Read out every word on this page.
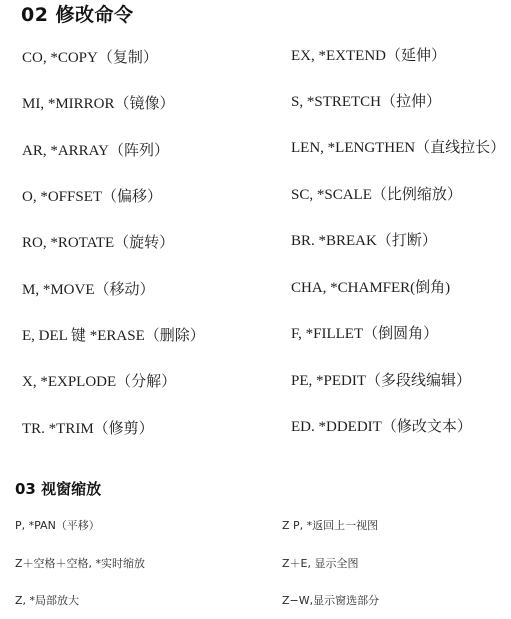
02 修改命令
CO, *COPY（复制）
MI, *MIRROR（镜像）
AR, *ARRAY（阵列）
O, *OFFSET（偏移）
RO, *ROTATE（旋转）
M, *MOVE（移动）
E, DEL 键 *ERASE（删除）
X, *EXPLODE（分解）
TR. *TRIM（修剪）
EX, *EXTEND（延伸）
S, *STRETCH（拉伸）
LEN, *LENGTHEN（直线拉长）
SC, *SCALE（比例缩放）
BR. *BREAK（打断）
CHA, *CHAMFER(倒角)
F, *FILLET（倒圆角）
PE, *PEDIT（多段线编辑）
ED. *DDEDIT（修改文本）
03 视窗缩放
P, *PAN（平移）
Z＋空格＋空格, *实时缩放
Z, *局部放大
Z P, *返回上一视图
Z＋E, 显示全图
Z−W,显示窗选部分
